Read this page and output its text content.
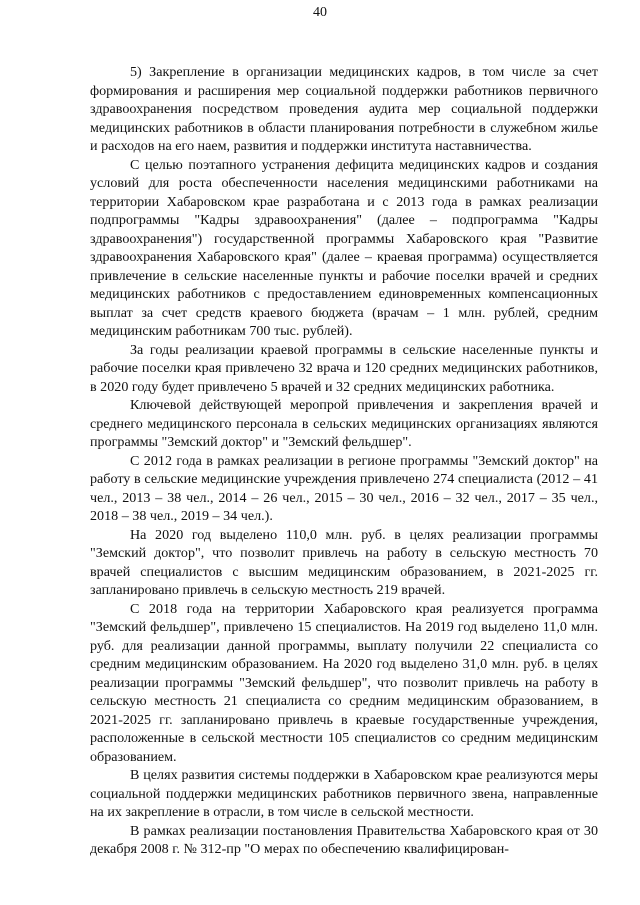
40

5) Закрепление в организации медицинских кадров, в том числе за счет формирования и расширения мер социальной поддержки работников первичного здравоохранения посредством проведения аудита мер социальной поддержки медицинских работников в области планирования потребности в служебном жилье и расходов на его наем, развития и поддержки института наставничества.

С целью поэтапного устранения дефицита медицинских кадров и создания условий для роста обеспеченности населения медицинскими работниками на территории Хабаровском крае разработана и с 2013 года в рамках реализации подпрограммы "Кадры здравоохранения" (далее – подпрограмма "Кадры здравоохранения") государственной программы Хабаровского края "Развитие здравоохранения Хабаровского края" (далее – краевая программа) осуществляется привлечение в сельские населенные пункты и рабочие поселки врачей и средних медицинских работников с предоставлением единовременных компенсационных выплат за счет средств краевого бюджета (врачам – 1 млн. рублей, средним медицинским работникам 700 тыс. рублей).

За годы реализации краевой программы в сельские населенные пункты и рабочие поселки края привлечено 32 врача и 120 средних медицинских работников, в 2020 году будет привлечено 5 врачей и 32 средних медицинских работника.

Ключевой действующей меропрой привлечения и закрепления врачей и среднего медицинского персонала в сельских медицинских организациях являются программы "Земский доктор" и "Земский фельдшер".

С 2012 года в рамках реализации в регионе программы "Земский доктор" на работу в сельские медицинские учреждения привлечено 274 специалиста (2012 – 41 чел., 2013 – 38 чел., 2014 – 26 чел., 2015 – 30 чел., 2016 – 32 чел., 2017 – 35 чел., 2018 – 38 чел., 2019 – 34 чел.).

На 2020 год выделено 110,0 млн. руб. в целях реализации программы "Земский доктор", что позволит привлечь на работу в сельскую местность 70 врачей специалистов с высшим медицинским образованием, в 2021-2025 гг. запланировано привлечь в сельскую местность 219 врачей.

С 2018 года на территории Хабаровского края реализуется программа "Земский фельдшер", привлечено 15 специалистов. На 2019 год выделено 11,0 млн. руб. для реализации данной программы, выплату получили 22 специалиста со средним медицинским образованием. На 2020 год выделено 31,0 млн. руб. в целях реализации программы "Земский фельдшер", что позволит привлечь на работу в сельскую местность 21 специалиста со средним медицинским образованием, в 2021-2025 гг. запланировано привлечь в краевые государственные учреждения, расположенные в сельской местности 105 специалистов со средним медицинским образованием.

В целях развития системы поддержки в Хабаровском крае реализуются меры социальной поддержки медицинских работников первичного звена, направленные на их закрепление в отрасли, в том числе в сельской местности.

В рамках реализации постановления Правительства Хабаровского края от 30 декабря 2008 г. № 312-пр "О мерах по обеспечению квалифицирован-
